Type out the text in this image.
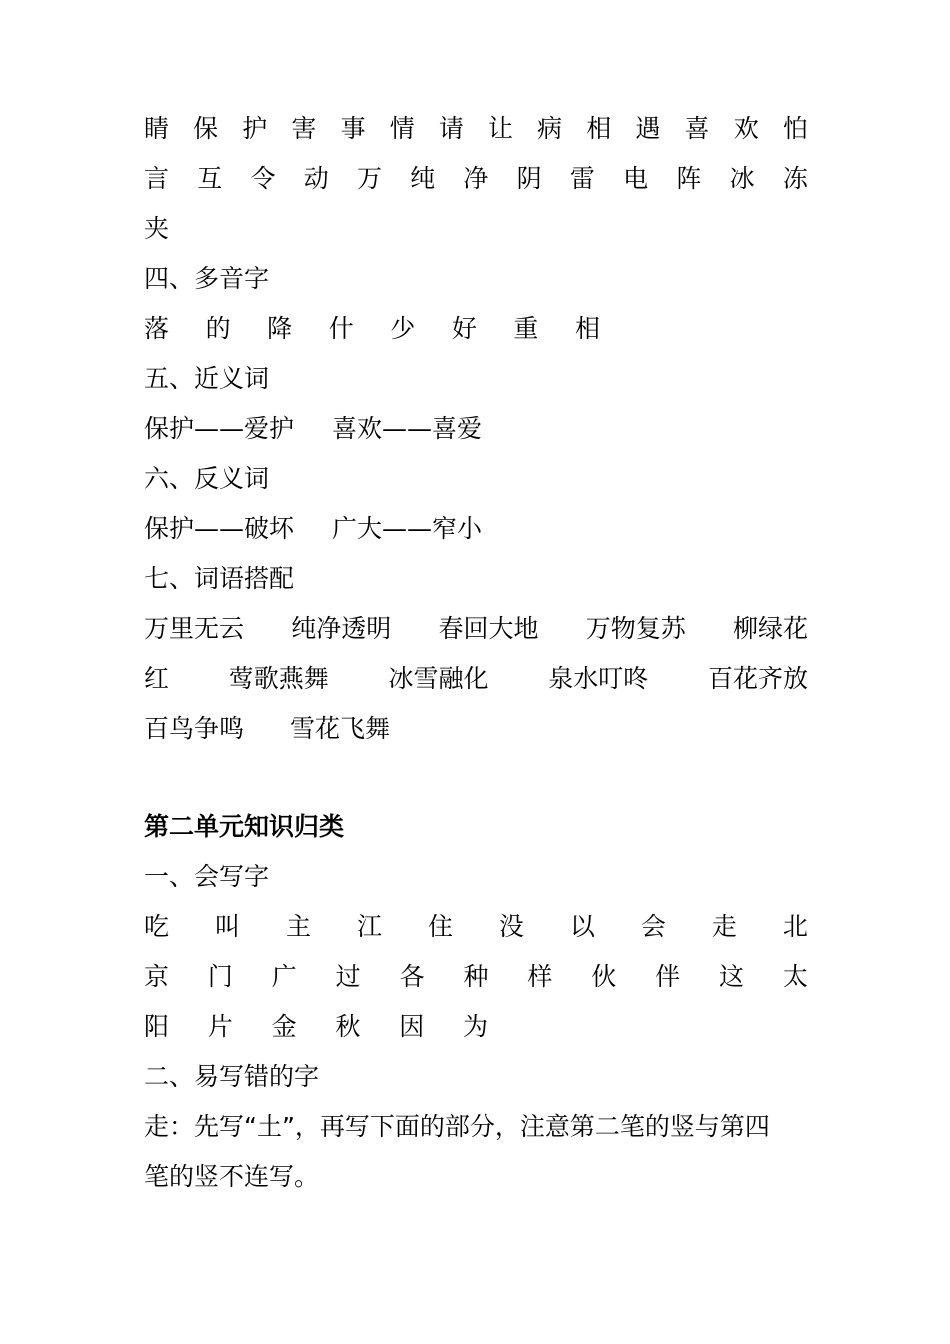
睛 保 护 害 事 情 请 让 病 相 遇 喜 欢 怕
言 互 令 动 万 纯 净 阴 雷 电 阵 冰 冻
夹
四、多音字
落 的 降 什 少 好 重 相
五、近义词
保护——爱护 喜欢——喜爱
六、反义词
保护——破坏 广大——窄小
七、词语搭配
万里无云 纯净透明 春回大地 万物复苏 柳绿花
红 莺歌燕舞 冰雪融化 泉水叮咚 百花齐放
百鸟争鸣 雪花飞舞
第二单元知识归类
一、会写字
吃 叫 主 江 住 没 以 会 走 北
京 门 广 过 各 种 样 伙 伴 这 太
阳 片 金 秋 因 为
二、易写错的字
走：先写“土”，再写下面的部分，注意第二笔的竖与第四
笔的竖不连写。
